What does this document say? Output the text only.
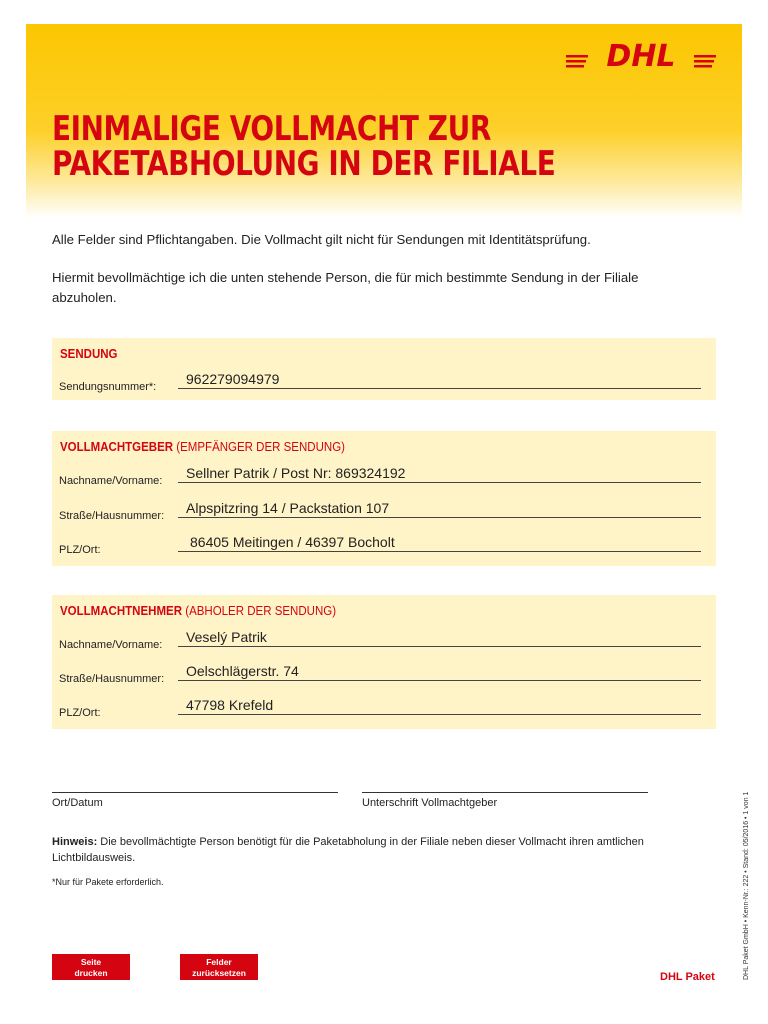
DHL
EINMALIGE VOLLMACHT ZUR
PAKETABHOLUNG IN DER FILIALE
Alle Felder sind Pflichtangaben. Die Vollmacht gilt nicht für Sendungen mit Identitätsprüfung.
Hiermit bevollmächtige ich die unten stehende Person, die für mich bestimmte Sendung in der Filiale abzuholen.
SENDUNG
Sendungsnummer*: 962279094979
VOLLMACHTGEBER (EMPFÄNGER DER SENDUNG)
Nachname/Vorname: Sellner Patrik / Post Nr: 869324192
Straße/Hausnummer: Alpspitzring 14 / Packstation 107
PLZ/Ort:	86405 Meitingen / 46397 Bocholt
VOLLMACHTNEHMER (ABHOLER DER SENDUNG)
Nachname/Vorname: Veselý Patrik
Straße/Hausnummer: Oelschlägerstr. 74
PLZ/Ort:	47798 Krefeld
Ort/Datum	Unterschrift Vollmachtgeber
Hinweis: Die bevollmächtigte Person benötigt für die Paketabholung in der Filiale neben dieser Vollmacht ihren amtlichen Lichtbildausweis.
*Nur für Pakete erforderlich.
Seite
drucken
Felder
zurücksetzen	DHL Paket	DHL Paket GmbH • Kenn-Nr.: 222 • Stand: 05/2016 • 1 von 1
